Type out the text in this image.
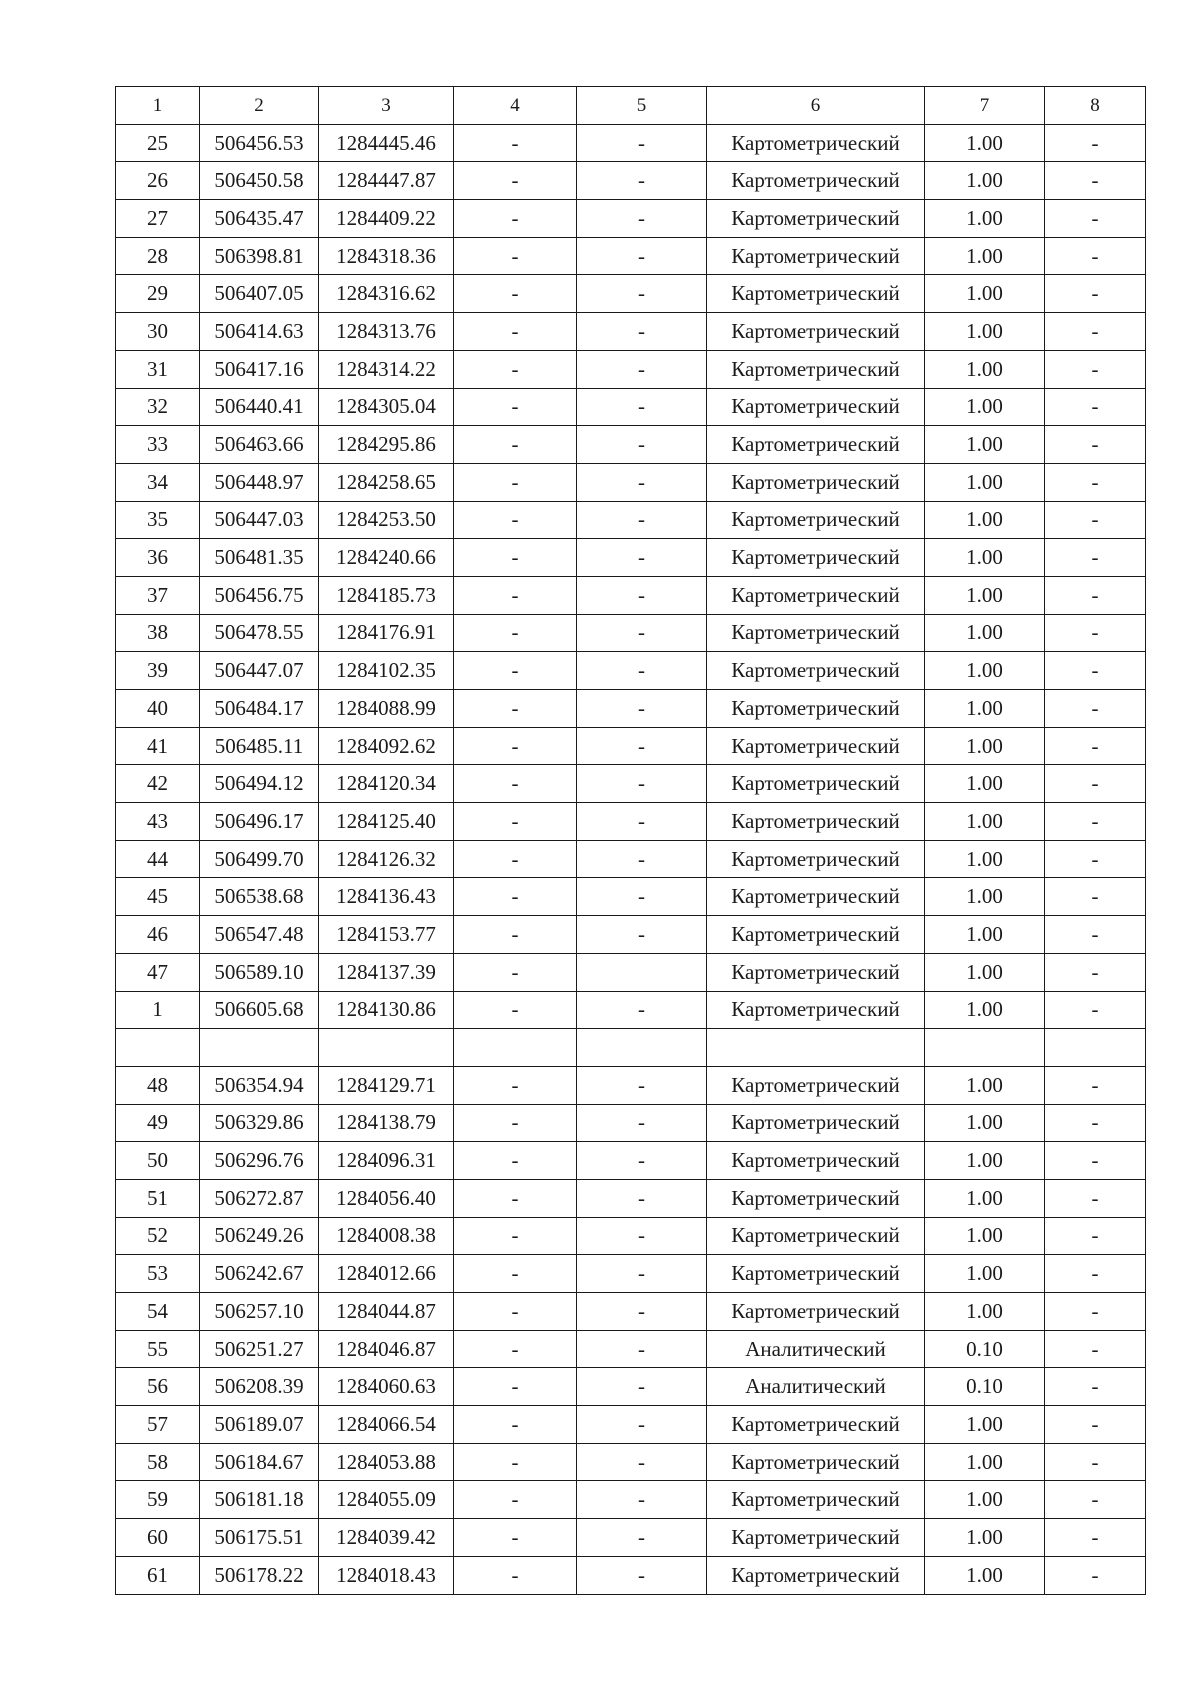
1	2	3	4	5	6	7	8
25	506456.53	1284445.46	-	-	Картометрический	1.00	-
26	506450.58	1284447.87	-	-	Картометрический	1.00	-
27	506435.47	1284409.22	-	-	Картометрический	1.00	-
28	506398.81	1284318.36	-	-	Картометрический	1.00	-
29	506407.05	1284316.62	-	-	Картометрический	1.00	-
30	506414.63	1284313.76	-	-	Картометрический	1.00	-
31	506417.16	1284314.22	-	-	Картометрический	1.00	-
32	506440.41	1284305.04	-	-	Картометрический	1.00	-
33	506463.66	1284295.86	-	-	Картометрический	1.00	-
34	506448.97	1284258.65	-	-	Картометрический	1.00	-
35	506447.03	1284253.50	-	-	Картометрический	1.00	-
36	506481.35	1284240.66	-	-	Картометрический	1.00	-
37	506456.75	1284185.73	-	-	Картометрический	1.00	-
38	506478.55	1284176.91	-	-	Картометрический	1.00	-
39	506447.07	1284102.35	-	-	Картометрический	1.00	-
40	506484.17	1284088.99	-	-	Картометрический	1.00	-
41	506485.11	1284092.62	-	-	Картометрический	1.00	-
42	506494.12	1284120.34	-	-	Картометрический	1.00	-
43	506496.17	1284125.40	-	-	Картометрический	1.00	-
44	506499.70	1284126.32	-	-	Картометрический	1.00	-
45	506538.68	1284136.43	-	-	Картометрический	1.00	-
46	506547.48	1284153.77	-	-	Картометрический	1.00	-
47	506589.10	1284137.39	-		Картометрический	1.00	-
1	506605.68	1284130.86	-	-	Картометрический	1.00	-

48	506354.94	1284129.71	-	-	Картометрический	1.00	-
49	506329.86	1284138.79	-	-	Картометрический	1.00	-
50	506296.76	1284096.31	-	-	Картометрический	1.00	-
51	506272.87	1284056.40	-	-	Картометрический	1.00	-
52	506249.26	1284008.38	-	-	Картометрический	1.00	-
53	506242.67	1284012.66	-	-	Картометрический	1.00	-
54	506257.10	1284044.87	-	-	Картометрический	1.00	-
55	506251.27	1284046.87	-	-	Аналитический	0.10	-
56	506208.39	1284060.63	-	-	Аналитический	0.10	-
57	506189.07	1284066.54	-	-	Картометрический	1.00	-
58	506184.67	1284053.88	-	-	Картометрический	1.00	-
59	506181.18	1284055.09	-	-	Картометрический	1.00	-
60	506175.51	1284039.42	-	-	Картометрический	1.00	-
61	506178.22	1284018.43	-	-	Картометрический	1.00	-
